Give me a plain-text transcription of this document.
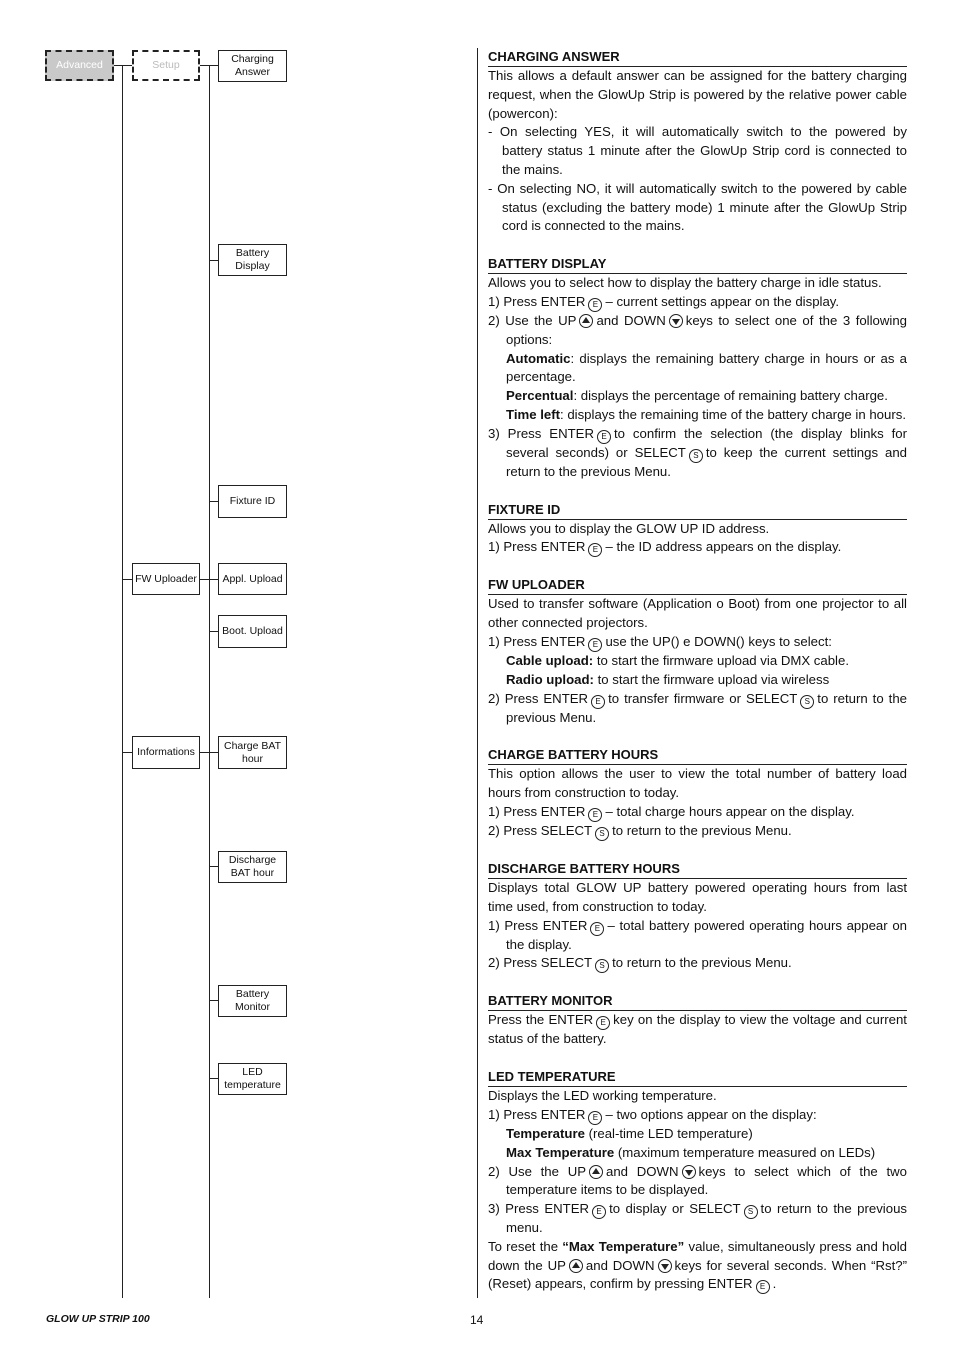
Advanced	Setup	Charging Answer
Battery Display
Fixture ID
FW Uploader	Appl. Upload
Boot. Upload
Informations
Charge BAT hour
Discharge BAT hour
Battery Monitor
LED temperature
CHARGING ANSWER

This allows a default answer can be assigned for the battery charging request, when the GlowUp Strip is powered by the relative power cable (powercon):

- On selecting YES, it will automatically switch to the powered by battery status 1 minute after the GlowUp Strip cord is connected to the mains.

- On selecting NO, it will automatically switch to the powered by cable status (excluding the battery mode) 1 minute after the GlowUp Strip cord is connected to the mains.

BATTERY DISPLAY

Allows you to select how to display the battery charge in idle status.

1) Press ENTER E – current settings appear on the display.

2) Use the UP and DOWN keys to select one of the 3 following options:

Automatic: displays the remaining battery charge in hours or as a percentage.

Percentual: displays the percentage of remaining battery charge.

Time left: displays the remaining time of the battery charge in hours.

3) Press ENTER E to confirm the selection (the display blinks for several seconds) or SELECT S to keep the current settings and return to the previous Menu.

FIXTURE ID

Allows you to display the GLOW UP ID address.

1) Press ENTER E – the ID address appears on the display.

FW UPLOADER

Used to transfer software (Application o Boot) from one projector to all other connected projectors.

1) Press ENTER E use the UP() e DOWN() keys to select:

Cable upload: to start the firmware upload via DMX cable.

Radio upload: to start the firmware upload via wireless

2) Press ENTER E to transfer firmware or SELECT S to return to the previous Menu.

CHARGE BATTERY HOURS

This option allows the user to view the total number of battery load hours from construction to today.

1) Press ENTER E – total charge hours appear on the display.

2) Press SELECT S to return to the previous Menu.

DISCHARGE BATTERY HOURS

Displays total GLOW UP battery powered operating hours from last time used, from construction to today.

1) Press ENTER E – total battery powered operating hours appear on the display.

2) Press SELECT S to return to the previous Menu.

BATTERY MONITOR

Press the ENTER E key on the display to view the voltage and current status of the battery.

LED TEMPERATURE

Displays the LED working temperature.

1) Press ENTER E – two options appear on the display:

Temperature (real-time LED temperature)

Max Temperature (maximum temperature measured on LEDs)

2) Use the UP and DOWN keys to select which of the two temperature items to be displayed.

3) Press ENTER E to display or SELECT S to return to the previous menu.

To reset the “Max Temperature” value, simultaneously press and hold down the UP and DOWN keys for several seconds. When “Rst?” (Reset) appears, confirm by pressing ENTER E .

GLOW UP STRIP 100	14
